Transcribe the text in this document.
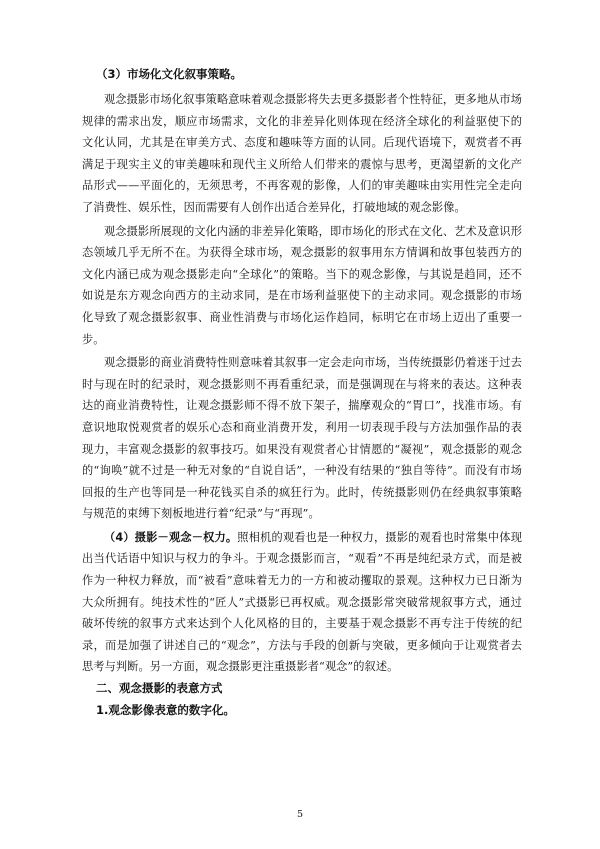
（3）市场化文化叙事策略。

观念摄影市场化叙事策略意味着观念摄影将失去更多摄影者个性特征，更多地从市场规律的需求出发，顺应市场需求，文化的非差异化则体现在经济全球化的利益驱使下的文化认同，尤其是在审美方式、态度和趣味等方面的认同。后现代语境下，观赏者不再满足于现实主义的审美趣味和现代主义所给人们带来的震惊与思考，更渴望新的文化产品形式——平面化的，无须思考，不再客观的影像，人们的审美趣味由实用性完全走向了消费性、娱乐性，因而需要有人创作出适合差异化，打破地域的观念影像。

观念摄影所展现的文化内涵的非差异化策略，即市场化的形式在文化、艺术及意识形态领域几乎无所不在。为获得全球市场，观念摄影的叙事用东方情调和故事包装西方的文化内涵已成为观念摄影走向“全球化”的策略。当下的观念影像，与其说是趋同，还不如说是东方观念向西方的主动求同，是在市场利益驱使下的主动求同。观念摄影的市场化导致了观念摄影叙事、商业性消费与市场化运作趋同，标明它在市场上迈出了重要一步。

观念摄影的商业消费特性则意味着其叙事一定会走向市场，当传统摄影仍着迷于过去时与现在时的纪录时，观念摄影则不再看重纪录，而是强调现在与将来的表达。这种表达的商业消费特性，让观念摄影师不得不放下架子，揣摩观众的“胃口”，找准市场。有意识地取悦观赏者的娱乐心态和商业消费开发，利用一切表现手段与方法加强作品的表现力，丰富观念摄影的叙事技巧。如果没有观赏者心甘情愿的“凝视”，观念摄影的观念的“询唤”就不过是一种无对象的“自说自话”，一种没有结果的“独自等待”。而没有市场回报的生产也等同是一种花钱买自杀的疯狂行为。此时，传统摄影则仍在经典叙事策略与规范的束缚下刻板地进行着“纪录”与“再现”。

（4）摄影－观念－权力。照相机的观看也是一种权力，摄影的观看也时常集中体现出当代话语中知识与权力的争斗。于观念摄影而言，“观看”不再是纯纪录方式，而是被作为一种权力释放，而“被看”意味着无力的一方和被动攫取的景观。这种权力已日渐为大众所拥有。纯技术性的“匠人”式摄影已再权威。观念摄影常突破常规叙事方式，通过破坏传统的叙事方式来达到个人化风格的目的，主要基于观念摄影不再专注于传统的纪录，而是加强了讲述自己的“观念”，方法与手段的创新与突破，更多倾向于让观赏者去思考与判断。另一方面，观念摄影更注重摄影者“观念”的叙述。

二、观念摄影的表意方式
1.观念影像表意的数字化。
5
